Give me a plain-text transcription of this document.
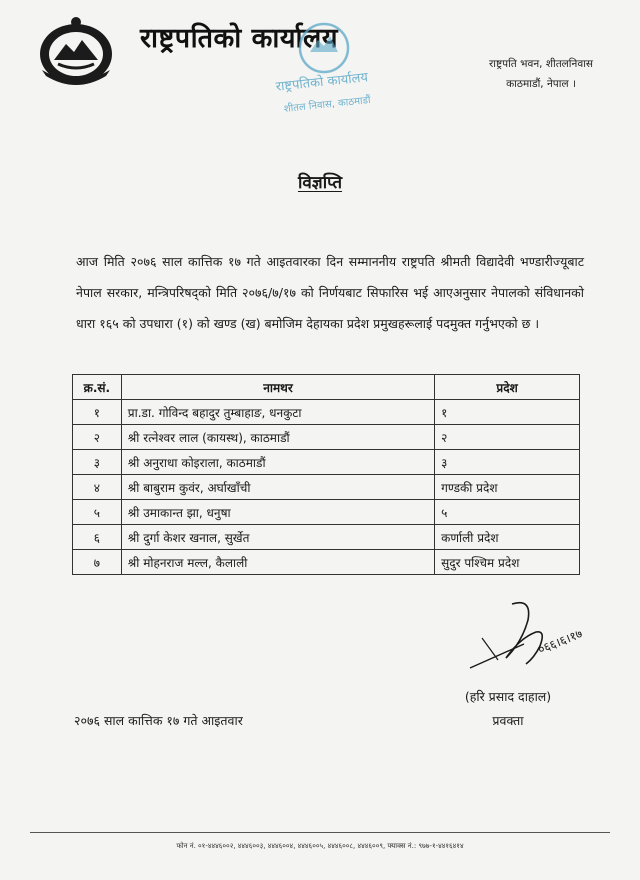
राष्ट्रपतिको कार्यालय
राष्ट्रपतिको कार्यालय
शीतल निवास, काठमाडौं
राष्ट्रपति भवन, शीतलनिवास
काठमाडौं, नेपाल ।
विज्ञप्ति
आज मिति २०७६ साल कात्तिक १७ गते आइतवारका दिन सम्माननीय राष्ट्रपति श्रीमती विद्यादेवी भण्डारीज्यूबाट नेपाल सरकार, मन्त्रिपरिषद्को मिति २०७६/७/१७ को निर्णयबाट सिफारिस भई आएअनुसार नेपालको संविधानको धारा १६५ को उपधारा (१) को खण्ड (ख) बमोजिम देहायका प्रदेश प्रमुखहरूलाई पदमुक्त गर्नुभएको छ ।
क्र.सं.	नामथर	प्रदेश
१	प्रा.डा. गोविन्द बहादुर तुम्बाहाङ, धनकुटा	१
२	श्री रत्नेश्वर लाल (कायस्थ), काठमाडौं	२
३	श्री अनुराधा कोइराला, काठमाडौं	३
४	श्री बाबुराम कुवंर, अर्घाखाँची	गण्डकी प्रदेश
५	श्री उमाकान्त झा, धनुषा	५
६	श्री दुर्गा केशर खनाल, सुर्खेत	कर्णाली प्रदेश
७	श्री मोहनराज मल्ल, कैलाली	सुदुर पश्चिम प्रदेश
०६६।६।१७
(हरि प्रसाद दाहाल)
प्रवक्ता
२०७६ साल कात्तिक १७ गते आइतवार
फोन नं. ०१-४४४६००२, ४४४६००३, ४४४६००४, ४४४६००५, ४४४६००८, ४४४६००९, फ्याक्स नं.: ९७७-१-४४१६४१४
